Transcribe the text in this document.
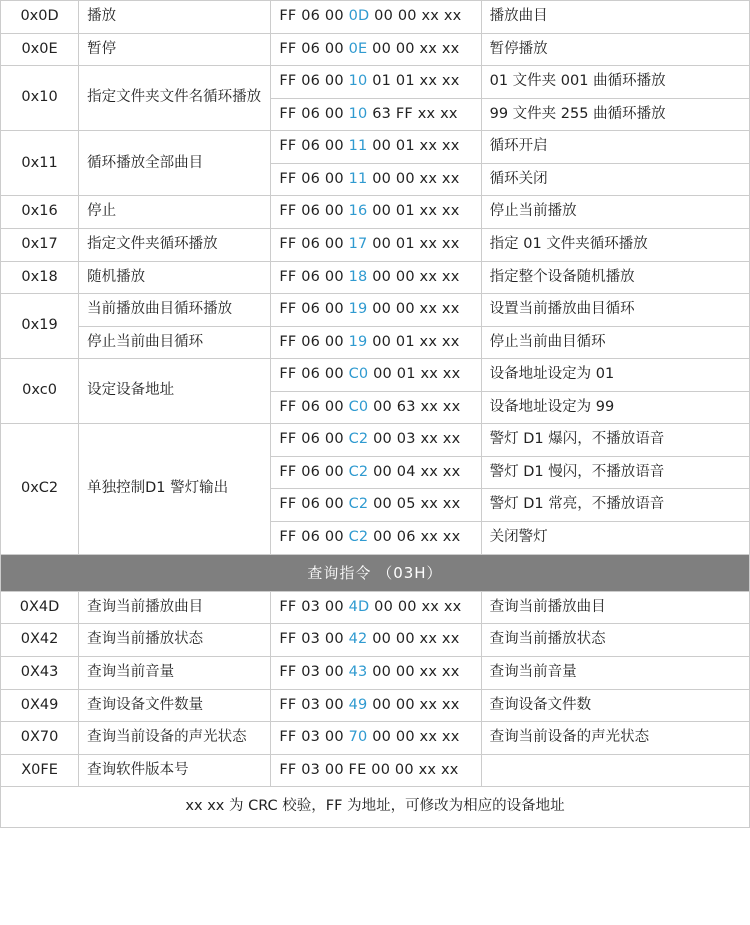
0x0D	播放	FF 06 00 0D 00 00 xx xx	播放曲目
0x0E	暂停	FF 06 00 0E 00 00 xx xx	暂停播放
0x10	指定文件夹文件名循环播放	FF 06 00 10 01 01 xx xx	01 文件夹 001 曲循环播放
		FF 06 00 10 63 FF xx xx	99 文件夹 255 曲循环播放
0x11	循环播放全部曲目	FF 06 00 11 00 01 xx xx	循环开启
		FF 06 00 11 00 00 xx xx	循环关闭
0x16	停止	FF 06 00 16 00 01 xx xx	停止当前播放
0x17	指定文件夹循环播放	FF 06 00 17 00 01 xx xx	指定 01 文件夹循环播放
0x18	随机播放	FF 06 00 18 00 00 xx xx	指定整个设备随机播放
0x19	当前播放曲目循环播放	FF 06 00 19 00 00 xx xx	设置当前播放曲目循环
	停止当前曲目循环	FF 06 00 19 00 01 xx xx	停止当前曲目循环
0xc0	设定设备地址	FF 06 00 C0 00 01 xx xx	设备地址设定为 01
		FF 06 00 C0 00 63 xx xx	设备地址设定为 99
0xC2	单独控制D1 警灯输出	FF 06 00 C2 00 03 xx xx	警灯 D1 爆闪，不播放语音
		FF 06 00 C2 00 04 xx xx	警灯 D1 慢闪，不播放语音
		FF 06 00 C2 00 05 xx xx	警灯 D1 常亮，不播放语音
		FF 06 00 C2 00 06 xx xx	关闭警灯
查询指令 （03H）			
0X4D	查询当前播放曲目	FF 03 00 4D 00 00 xx xx	查询当前播放曲目
0X42	查询当前播放状态	FF 03 00 42 00 00 xx xx	查询当前播放状态
0X43	查询当前音量	FF 03 00 43 00 00 xx xx	查询当前音量
0X49	查询设备文件数量	FF 03 00 49 00 00 xx xx	查询设备文件数
0X70	查询当前设备的声光状态	FF 03 00 70 00 00 xx xx	查询当前设备的声光状态
X0FE	查询软件版本号	FF 03 00 FE 00 00 xx xx	
xx xx 为 CRC 校验，FF 为地址，可修改为相应的设备地址			
